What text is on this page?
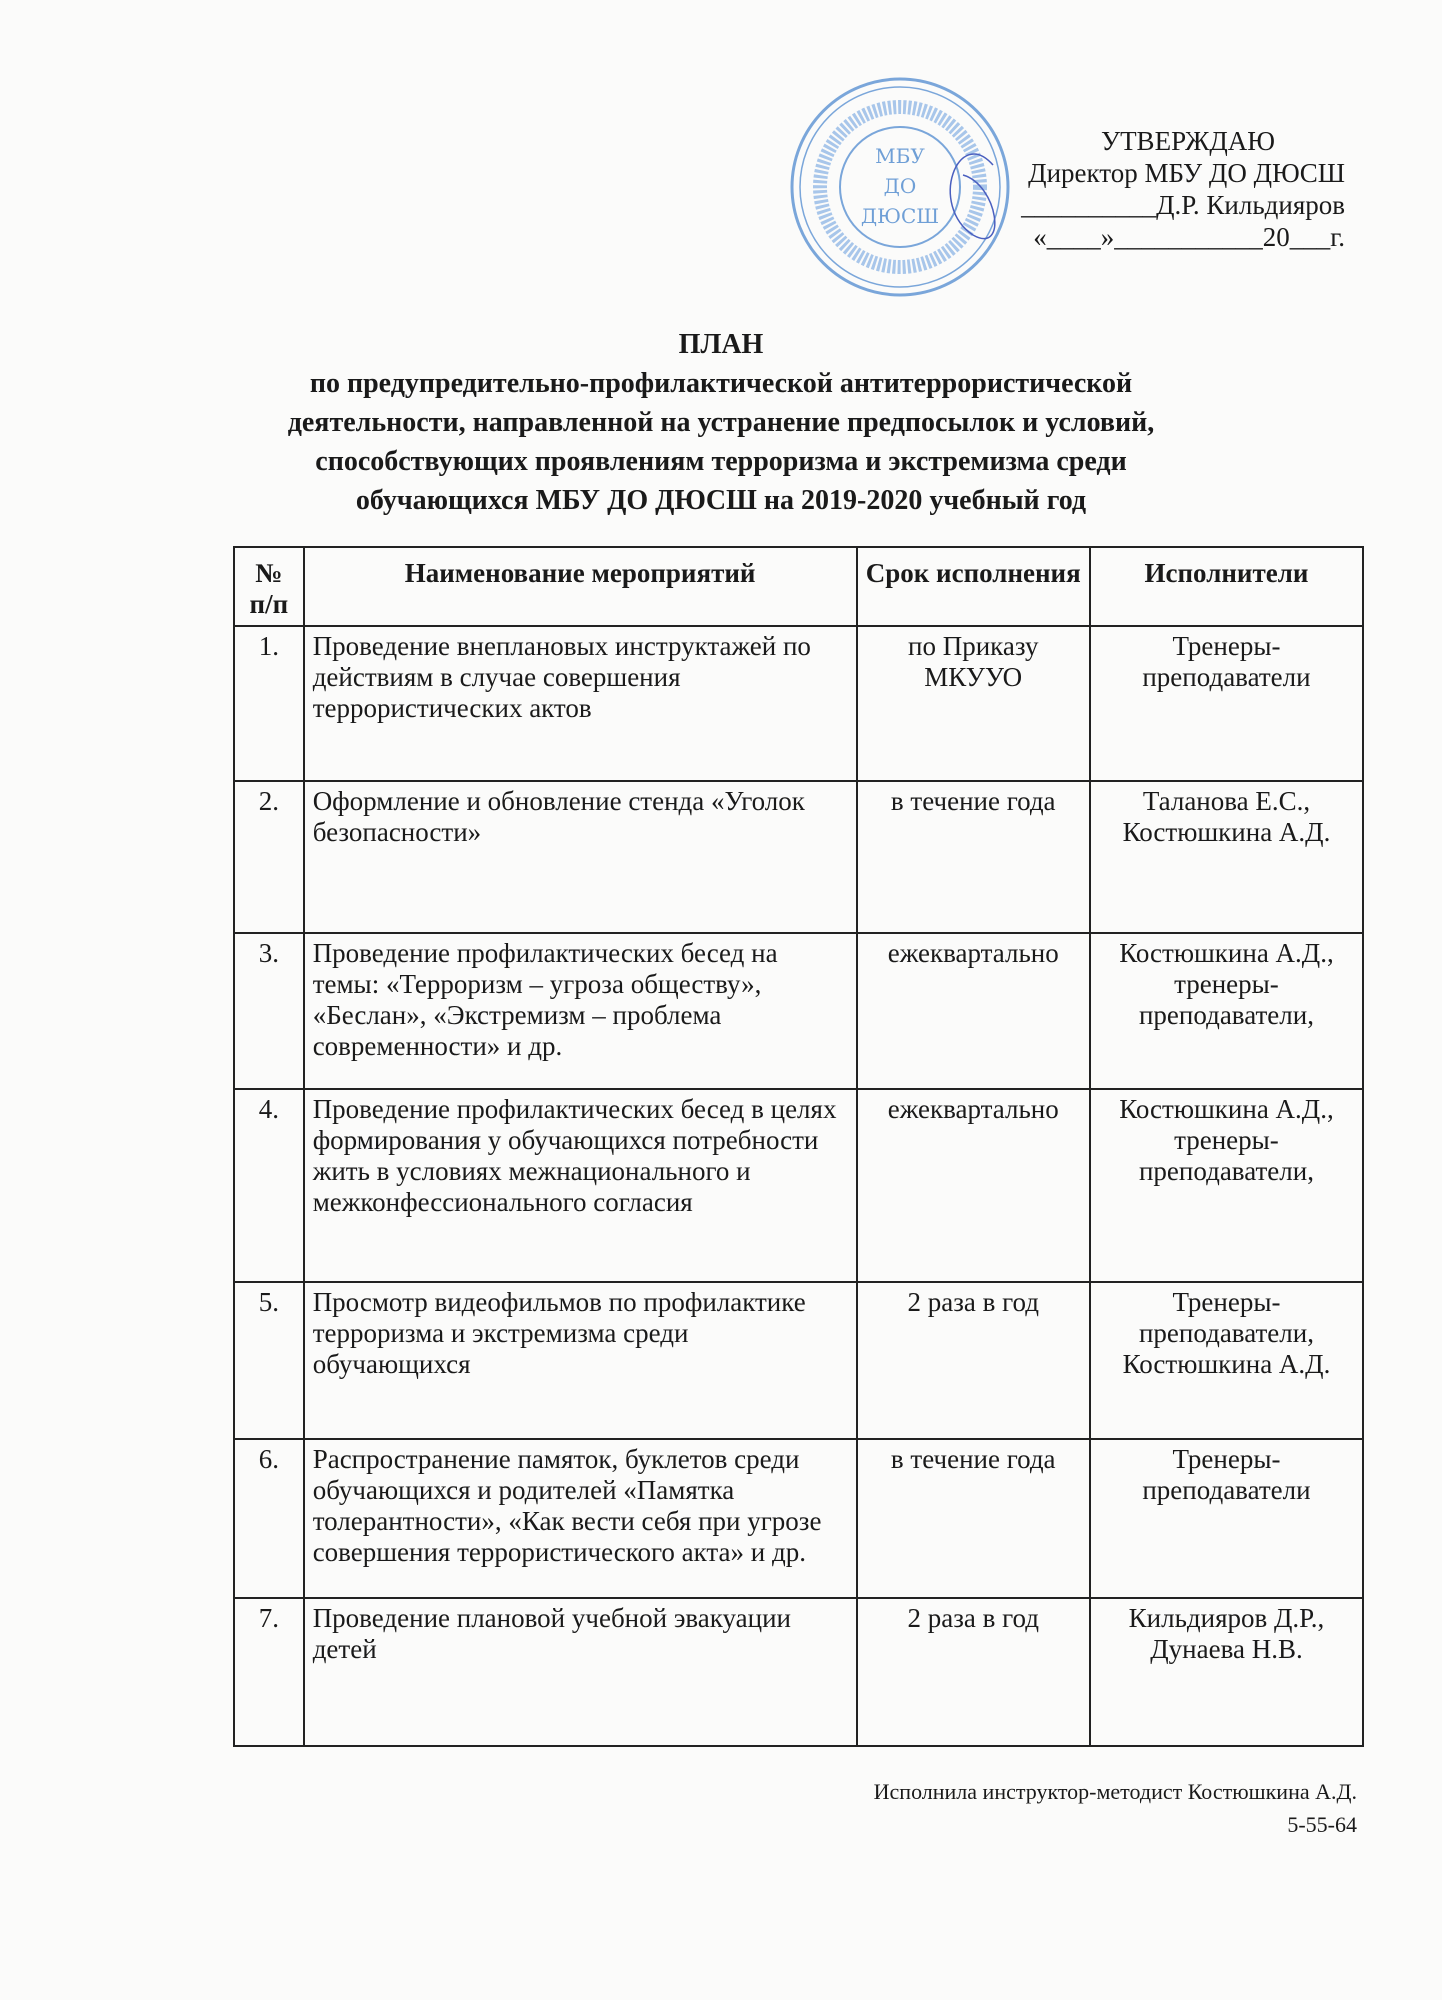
МБУ
ДО
ДЮСШ
УТВЕРЖДАЮ
Директор МБУ ДО ДЮСШ
__________Д.Р. Кильдияров
«____»___________20___г.
ПЛАН
по предупредительно-профилактической антитеррористической
деятельности, направленной на устранение предпосылок и условий,
способствующих проявлениям терроризма и экстремизма среди
обучающихся МБУ ДО ДЮСШ на 2019-2020 учебный год
№ п/п	Наименование мероприятий	Срок исполнения	Исполнители
1.	Проведение внеплановых инструктажей по действиям в случае совершения террористических актов	по Приказу МКУУО	Тренеры-преподаватели
2.	Оформление и обновление стенда «Уголок безопасности»	в течение года	Таланова Е.С., Костюшкина А.Д.
3.	Проведение профилактических бесед на темы: «Терроризм – угроза обществу», «Беслан», «Экстремизм – проблема современности» и др.	ежеквартально	Костюшкина А.Д., тренеры-преподаватели,
4.	Проведение профилактических бесед в целях формирования у обучающихся потребности жить в условиях межнационального и межконфессионального согласия	ежеквартально	Костюшкина А.Д., тренеры-преподаватели,
5.	Просмотр видеофильмов по профилактике терроризма и экстремизма среди обучающихся	2 раза в год	Тренеры-преподаватели, Костюшкина А.Д.
6.	Распространение памяток, буклетов среди обучающихся и родителей «Памятка толерантности», «Как вести себя при угрозе совершения террористического акта» и др.	в течение года	Тренеры-преподаватели
7.	Проведение плановой учебной эвакуации детей	2 раза в год	Кильдияров Д.Р., Дунаева Н.В.
Исполнила инструктор-методист Костюшкина А.Д.
5-55-64
